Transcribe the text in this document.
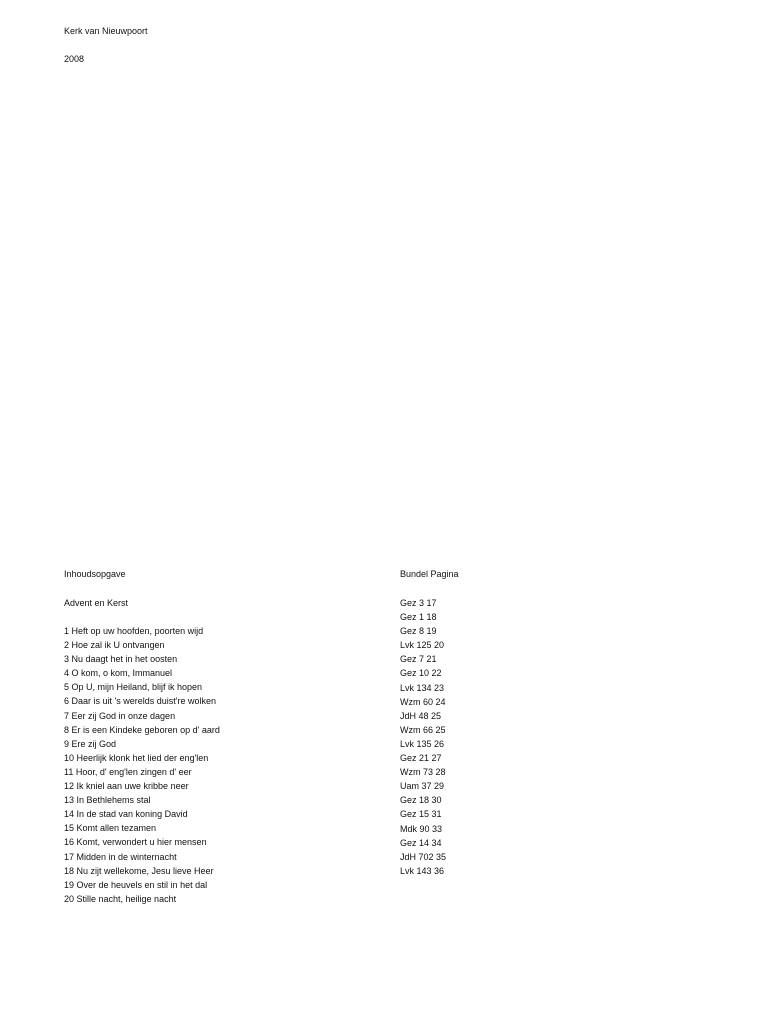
Kerk van Nieuwpoort
2008
Inhoudsopgave	Bundel Pagina
Advent en Kerst
1 Heft op uw hoofden, poorten wijd
2 Hoe zal ik U ontvangen
3 Nu daagt het in het oosten
4 O kom, o kom, Immanuel
5 Op U, mijn Heiland, blijf ik hopen
6 Daar is uit 's werelds duist're wolken
7 Eer zij God in onze dagen
8 Er is een Kindeke geboren op d' aard
9 Ere zij God
10 Heerlijk klonk het lied der eng'len
11 Hoor, d' eng'len zingen d' eer
12 Ik kniel aan uwe kribbe neer
13 In Bethlehems stal
14 In de stad van koning David
15 Komt allen tezamen
16 Komt, verwondert u hier mensen
17 Midden in de winternacht
18 Nu zijt wellekome, Jesu lieve Heer
19 Over de heuvels en stil in het dal
20 Stille nacht, heilige nacht
Gez 3 17
Gez 1 18
Gez 8 19
Lvk 125 20
Gez 7 21
Gez 10 22
Lvk 134 23
Wzm 60 24
JdH 48 25
Wzm 66 25
Lvk 135 26
Gez 21 27
Wzm 73 28
Uam 37 29
Gez 18 30
Gez 15 31
Mdk 90 33
Gez 14 34
JdH 702 35
Lvk 143 36
